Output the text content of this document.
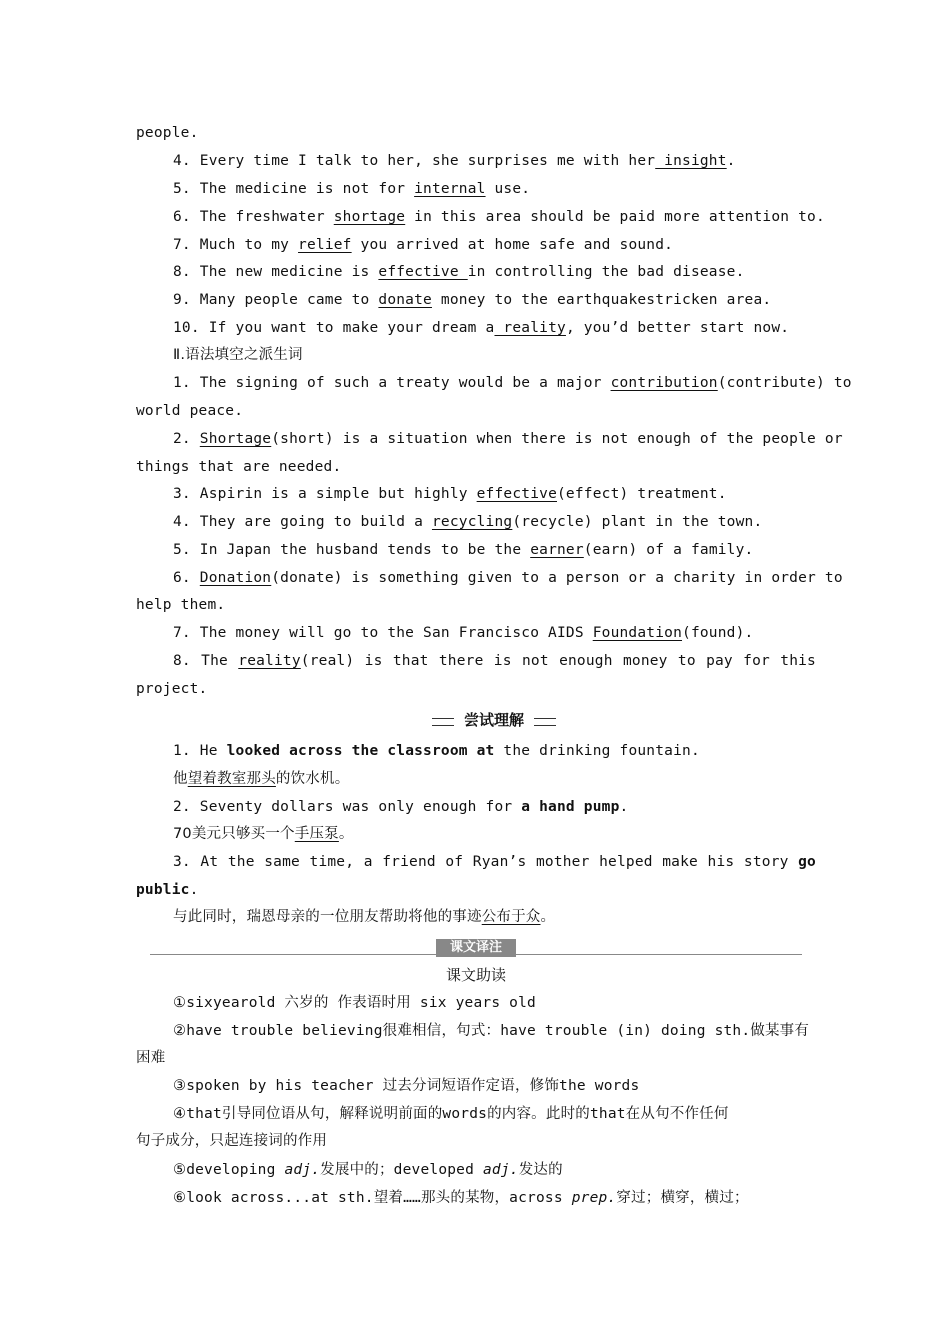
people.
4. Every time I talk to her, she surprises me with her insight.
5. The medicine is not for internal use.
6. The freshwater shortage in this area should be paid more attention to.
7. Much to my relief you arrived at home safe and sound.
8. The new medicine is effective in controlling the bad disease.
9. Many people came to donate money to the earthquakestricken area.
10. If you want to make your dream a reality, you’d better start now.
Ⅱ.语法填空之派生词
1. The signing of such a treaty would be a major contribution(contribute) to
world peace.
2. Shortage(short) is a situation when there is not enough of the people or
things that are needed.
3. Aspirin is a simple but highly effective(effect) treatment.
4. They are going to build a recycling(recycle) plant in the town.
5. In Japan the husband tends to be the earner(earn) of a family.
6. Donation(donate) is something given to a person or a charity in order to
help them.
7. The money will go to the San Francisco AIDS Foundation(found).
8. The reality(real) is that there is not enough money to pay for this
project.
尝试理解
1. He looked across the classroom at the drinking fountain.
他望着教室那头的饮水机。
2. Seventy dollars was only enough for a hand pump.
70美元只够买一个手压泵。
3. At the same time, a friend of Ryan’s mother helped make his story go
public.
与此同时，瑞恩母亲的一位朋友帮助将他的事迹公布于众。
课文译注
课文助读
①sixyearold 六岁的 作表语时用 six years old
②have trouble believing很难相信，句式：have trouble (in) doing sth.做某事有
困难
③spoken by his teacher 过去分词短语作定语，修饰the words
④that引导同位语从句，解释说明前面的words的内容。此时的that在从句不作任何
句子成分，只起连接词的作用
⑤developing adj.发展中的；developed adj.发达的
⑥look across...at sth.望着……那头的某物，across prep.穿过；横穿，横过；
